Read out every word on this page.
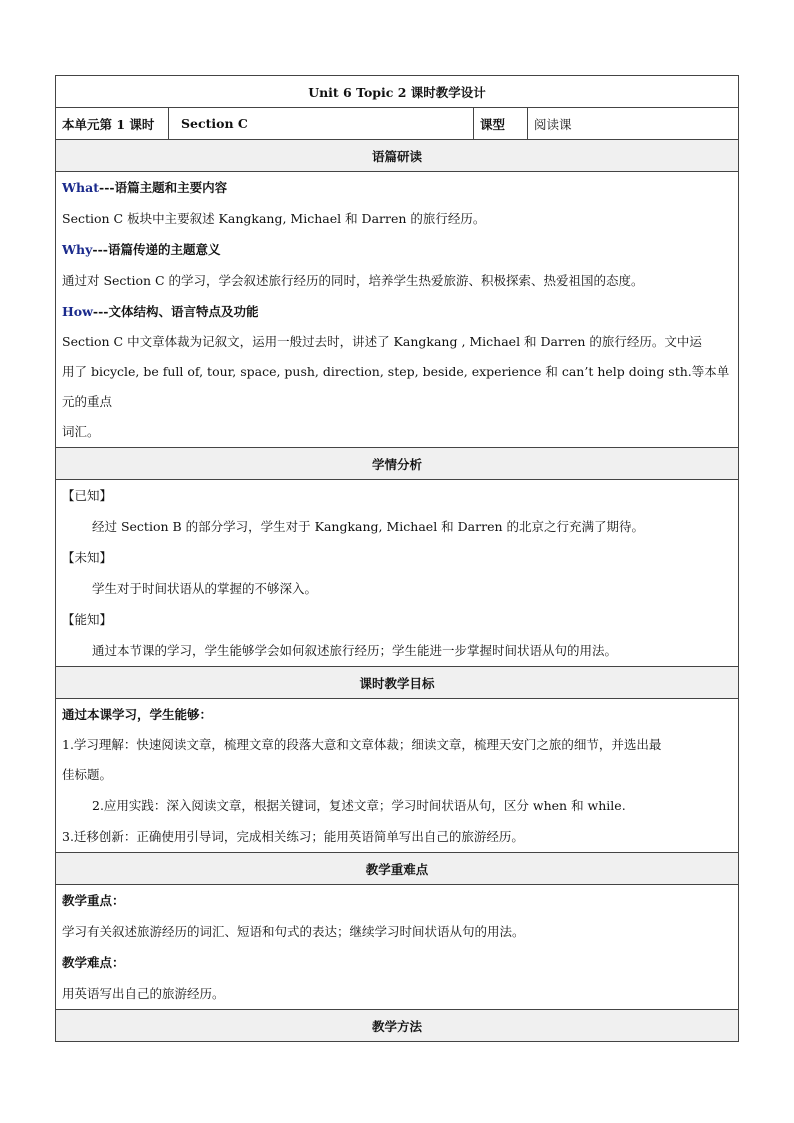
Unit 6 Topic 2 课时教学设计
本单元第 1 课时	Section C	课型	阅读课
语篇研读

What---语篇主题和主要内容

Section C 板块中主要叙述 Kangkang, Michael 和 Darren 的旅行经历。

Why---语篇传递的主题意义

通过对 Section C 的学习，学会叙述旅行经历的同时，培养学生热爱旅游、积极探索、热爱祖国的态度。

How---文体结构、语言特点及功能

Section C 中文章体裁为记叙文，运用一般过去时，讲述了 Kangkang , Michael 和 Darren 的旅行经历。文中运

用了 bicycle, be full of, tour, space, push, direction, step, beside, experience 和 can’t help doing sth.等本单元的重点

词汇。

学情分析

【已知】

经过 Section B 的部分学习，学生对于 Kangkang, Michael 和 Darren 的北京之行充满了期待。

【未知】

学生对于时间状语从的掌握的不够深入。

【能知】

通过本节课的学习，学生能够学会如何叙述旅行经历；学生能进一步掌握时间状语从句的用法。

课时教学目标

通过本课学习，学生能够：

1.学习理解：快速阅读文章，梳理文章的段落大意和文章体裁；细读文章，梳理天安门之旅的细节，并选出最

佳标题。

2.应用实践：深入阅读文章，根据关键词，复述文章；学习时间状语从句，区分 when 和 while.

3.迁移创新：正确使用引导词，完成相关练习；能用英语简单写出自己的旅游经历。

教学重难点

教学重点：

学习有关叙述旅游经历的词汇、短语和句式的表达；继续学习时间状语从句的用法。

教学难点：

用英语写出自己的旅游经历。

教学方法
